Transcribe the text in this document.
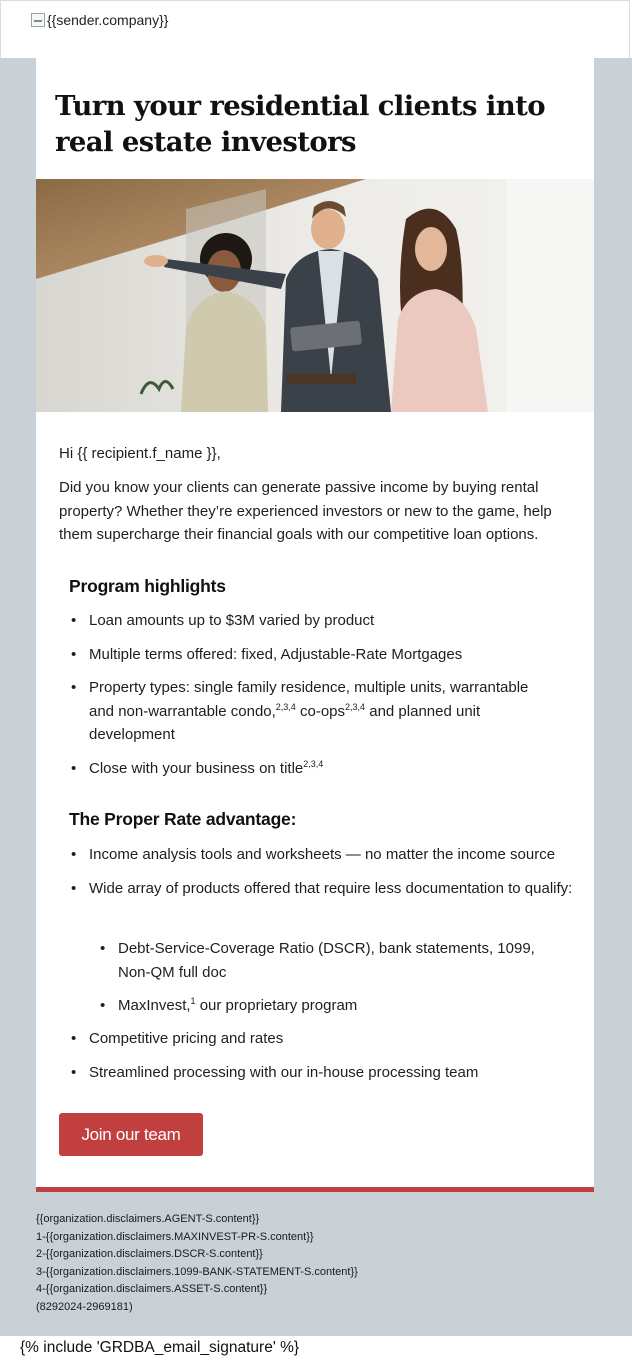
{{sender.company}}
Turn your residential clients into real estate investors

Hi {{ recipient.f_name }},

Did you know your clients can generate passive income by buying rental property? Whether they’re experienced investors or new to the game, help them supercharge their financial goals with our competitive loan options.

Program highlights
• Loan amounts up to $3M varied by product
• Multiple terms offered: fixed, Adjustable-Rate Mortgages
• Property types: single family residence, multiple units, warrantable and non-warrantable condo,$^{2,3,4}$ co-ops$^{2,3,4}$ and planned unit development
• Close with your business on title$^{2,3,4}$
The Proper Rate advantage:
• Income analysis tools and worksheets — no matter the income source
• Wide array of products offered that require less documentation to qualify:
• Debt-Service-Coverage Ratio (DSCR), bank statements, 1099, Non-QM full doc
• MaxInvest,$^1$ our proprietary program
• Competitive pricing and rates
• Streamlined processing with our in-house processing team
Join our team
{{organization.disclaimers.AGENT-S.content}}
1-{{organization.disclaimers.MAXINVEST-PR-S.content}}
2-{{organization.disclaimers.DSCR-S.content}}
3-{{organization.disclaimers.1099-BANK-STATEMENT-S.content}}
4-{{organization.disclaimers.ASSET-S.content}}
(8292024-2969181)
{% include 'GRDBA_email_signature' %}
